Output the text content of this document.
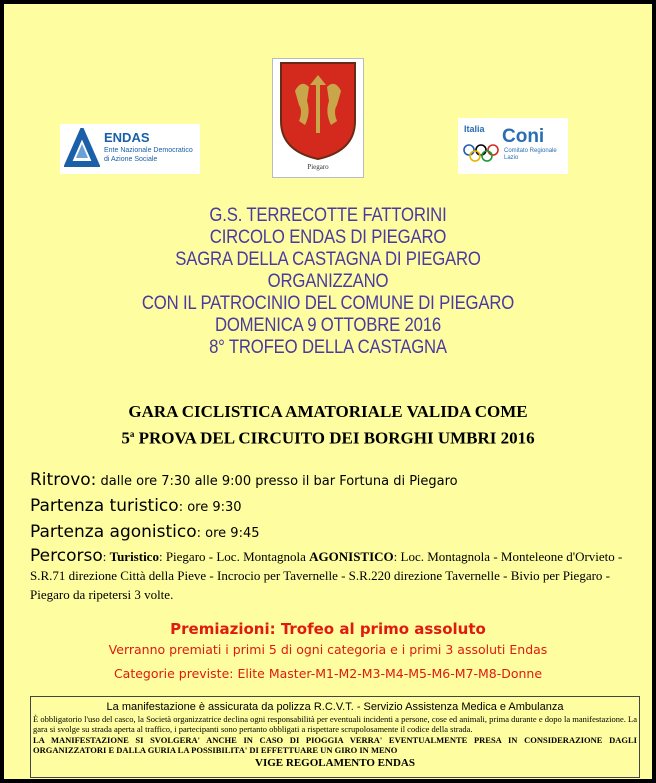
ENDAS
Ente Nazionale Democratico di Azione Sociale
Piegaro
Italia Coni
Comitato Regionale Lazio
G.S. TERRECOTTE FATTORINI
CIRCOLO ENDAS DI PIEGARO
SAGRA DELLA CASTAGNA DI PIEGARO
ORGANIZZANO
CON IL PATROCINIO DEL COMUNE DI PIEGARO
DOMENICA 9 OTTOBRE 2016
8° TROFEO DELLA CASTAGNA
GARA CICLISTICA AMATORIALE VALIDA COME
5$^a$ PROVA DEL CIRCUITO DEI BORGHI UMBRI 2016
Ritrovo: dalle ore 7:30 alle 9:00 presso il bar Fortuna di Piegaro
Partenza turistico: ore 9:30
Partenza agonistico: ore 9:45
Percorso: Turistico: Piegaro - Loc. Montagnola AGONISTICO: Loc. Montagnola - Monteleone d'Orvieto - S.R.71 direzione Città della Pieve - Incrocio per Tavernelle - S.R.220 direzione Tavernelle - Bivio per Piegaro - Piegaro da ripetersi 3 volte.
Premiazioni: Trofeo al primo assoluto
Verranno premiati i primi 5 di ogni categoria e i primi 3 assoluti Endas
Categorie previste: Elite Master-M1-M2-M3-M4-M5-M6-M7-M8-Donne
La manifestazione è assicurata da polizza R.C.V.T. - Servizio Assistenza Medica e Ambulanza
È obbligatorio l'uso del casco, la Società organizzatrice declina ogni responsabilità per eventuali incidenti a persone, cose ed animali, prima durante e dopo la manifestazione. La gara si svolge su strada aperta al traffico, i partecipanti sono pertanto obbligati a rispettare scrupolosamente il codice della strada.
LA MANIFESTAZIONE SI SVOLGERA' ANCHE IN CASO DI PIOGGIA VERRA' EVENTUALMENTE PRESA IN CONSIDERAZIONE DAGLI ORGANIZZATORI E DALLA GURIA LA POSSIBILITA' DI EFFETTUARE UN GIRO IN MENO
VIGE REGOLAMENTO ENDAS
